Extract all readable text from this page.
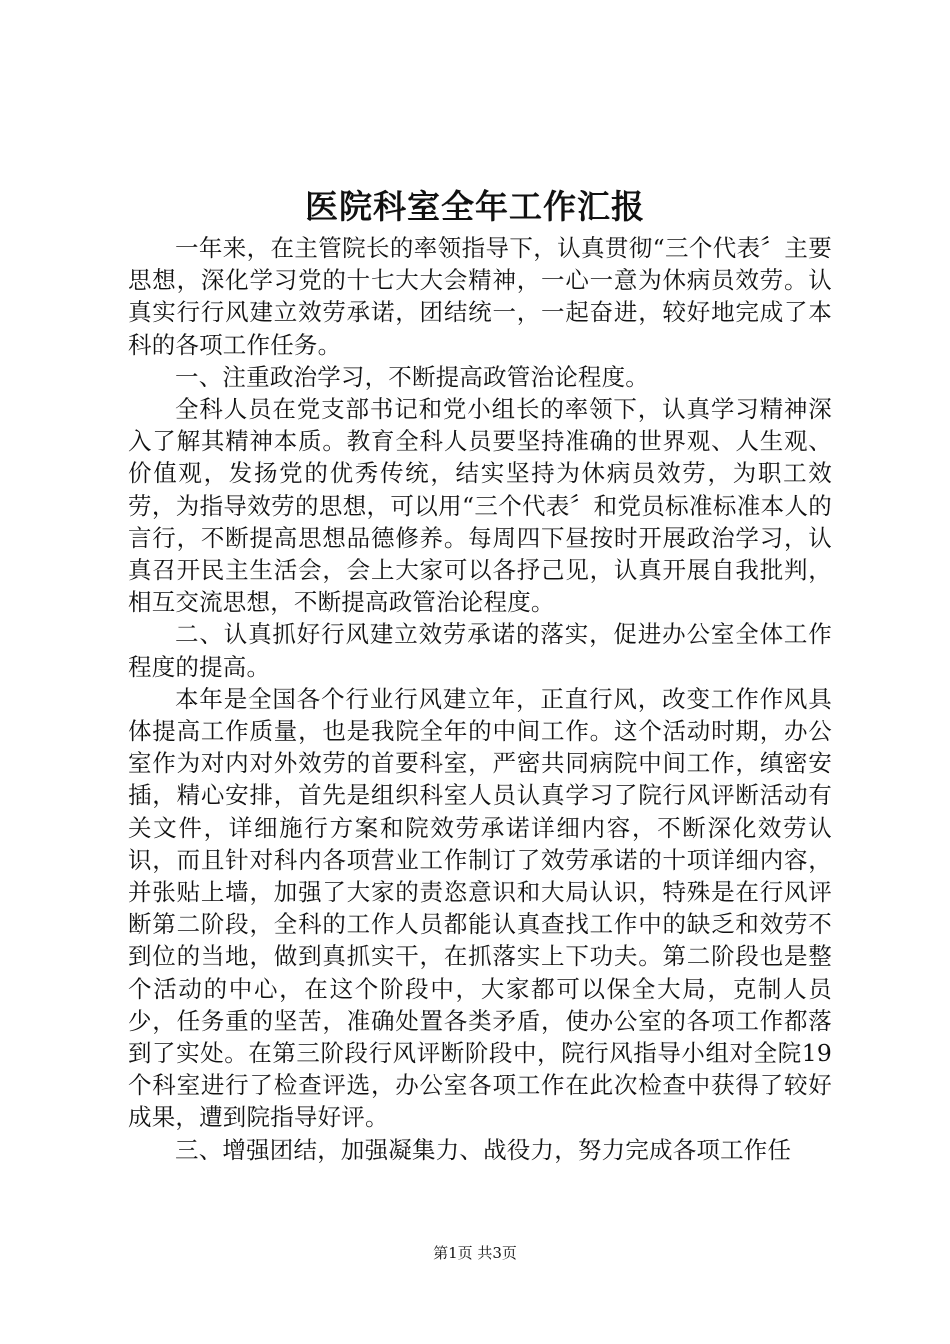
医院科室全年工作汇报

一年来，在主管院长的率领指导下，认真贯彻“三个代表〞主要思想，深化学习党的十七大大会精神，一心一意为休病员效劳。认真实行行风建立效劳承诺，团结统一，一起奋进，较好地完成了本科的各项工作任务。

一、注重政治学习，不断提高政管治论程度。

全科人员在党支部书记和党小组长的率领下，认真学习精神深入了解其精神本质。教育全科人员要坚持准确的世界观、人生观、价值观，发扬党的优秀传统，结实坚持为休病员效劳，为职工效劳，为指导效劳的思想，可以用“三个代表〞和党员标准标准本人的言行，不断提高思想品德修养。每周四下昼按时开展政治学习，认真召开民主生活会，会上大家可以各抒己见，认真开展自我批判，相互交流思想，不断提高政管治论程度。

二、认真抓好行风建立效劳承诺的落实，促进办公室全体工作程度的提高。

本年是全国各个行业行风建立年，正直行风，改变工作作风具体提高工作质量，也是我院全年的中间工作。这个活动时期，办公室作为对内对外效劳的首要科室，严密共同病院中间工作，缜密安插，精心安排，首先是组织科室人员认真学习了院行风评断活动有关文件，详细施行方案和院效劳承诺详细内容，不断深化效劳认识，而且针对科内各项营业工作制订了效劳承诺的十项详细内容，并张贴上墙，加强了大家的责恣意识和大局认识，特殊是在行风评断第二阶段，全科的工作人员都能认真查找工作中的缺乏和效劳不到位的当地，做到真抓实干，在抓落实上下功夫。第二阶段也是整个活动的中心，在这个阶段中，大家都可以保全大局，克制人员少，任务重的坚苦，准确处置各类矛盾，使办公室的各项工作都落到了实处。在第三阶段行风评断阶段中，院行风指导小组对全院19个科室进行了检查评选，办公室各项工作在此次检查中获得了较好成果，遭到院指导好评。

三、增强团结，加强凝集力、战役力，努力完成各项工作任

第1页 共3页
